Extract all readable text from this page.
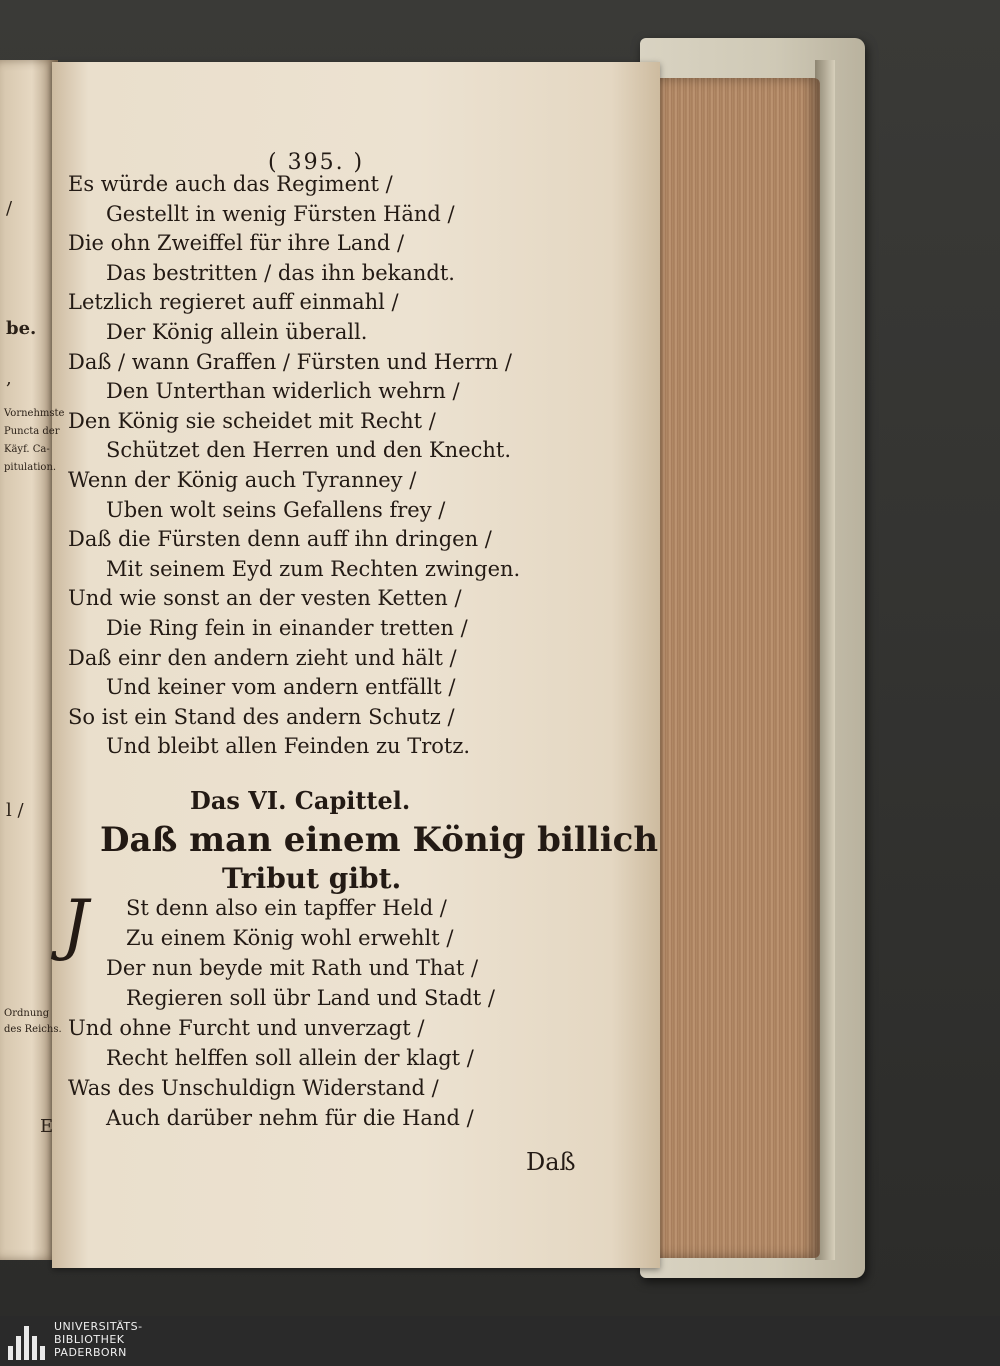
/
be.
,
Vornehmste
Puncta der
Käyf. Ca-
pitulation.
l /
Ordnung
des Reichs.
E
( 395. )
Es würde auch das Regiment /
Gestellt in wenig Fürsten Händ /
Die ohn Zweiffel für ihre Land /
Das bestritten / das ihn bekandt.
Letzlich regieret auff einmahl /
Der König allein überall.
Daß / wann Graffen / Fürsten und Herrn /
Den Unterthan widerlich wehrn /
Den König sie scheidet mit Recht /
Schützet den Herren und den Knecht.
Wenn der König auch Tyranney /
Uben wolt seins Gefallens frey /
Daß die Fürsten denn auff ihn dringen /
Mit seinem Eyd zum Rechten zwingen.
Und wie sonst an der vesten Ketten /
Die Ring fein in einander tretten /
Daß einr den andern zieht und hält /
Und keiner vom andern entfällt /
So ist ein Stand des andern Schutz /
Und bleibt allen Feinden zu Trotz.
Das VI. Capittel.
Daß man einem König billich
Tribut gibt.
J St denn also ein tapffer Held /
Zu einem König wohl erwehlt /
Der nun beyde mit Rath und That /
Regieren soll übr Land und Stadt /
Und ohne Furcht und unverzagt /
Recht helffen soll allein der klagt /
Was des Unschuldign Widerstand /
Auch darüber nehm für die Hand /
Daß
UNIVERSITÄTS-
BIBLIOTHEK
PADERBORN
